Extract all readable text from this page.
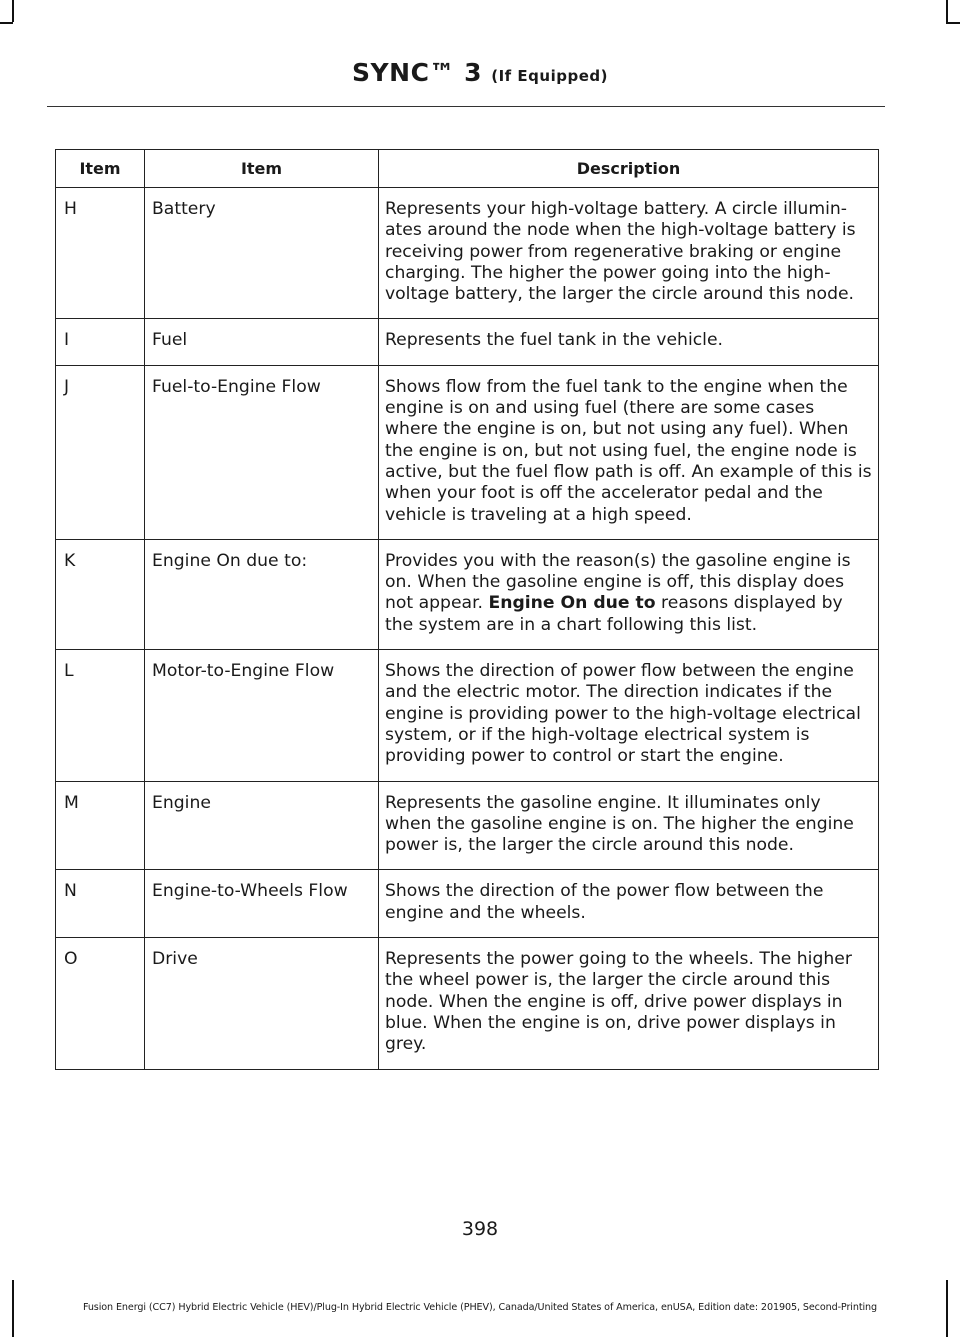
SYNC™ 3 (If Equipped)
Item	Item	Description
H	Battery	Represents your high-voltage battery. A circle illumin-ates around the node when the high-voltage battery is receiving power from regenerative braking or engine charging. The higher the power going into the high-voltage battery, the larger the circle around this node.
I	Fuel	Represents the fuel tank in the vehicle.
J	Fuel-to-Engine Flow	Shows flow from the fuel tank to the engine when the engine is on and using fuel (there are some cases where the engine is on, but not using any fuel). When the engine is on, but not using fuel, the engine node is active, but the fuel flow path is off. An example of this is when your foot is off the accelerator pedal and the vehicle is traveling at a high speed.
K	Engine On due to:	Provides you with the reason(s) the gasoline engine is on. When the gasoline engine is off, this display does not appear. Engine On due to reasons displayed by the system are in a chart following this list.
L	Motor-to-Engine Flow	Shows the direction of power flow between the engine and the electric motor. The direction indicates if the engine is providing power to the high-voltage electrical system, or if the high-voltage electrical system is providing power to control or start the engine.
M	Engine	Represents the gasoline engine. It illuminates only when the gasoline engine is on. The higher the engine power is, the larger the circle around this node.
N	Engine-to-Wheels Flow	Shows the direction of the power flow between the engine and the wheels.
O	Drive	Represents the power going to the wheels. The higher the wheel power is, the larger the circle around this node. When the engine is off, drive power displays in blue. When the engine is on, drive power displays in grey.
398
Fusion Energi (CC7) Hybrid Electric Vehicle (HEV)/Plug-In Hybrid Electric Vehicle (PHEV), Canada/United States of America, enUSA, Edition date: 201905, Second-Printing
